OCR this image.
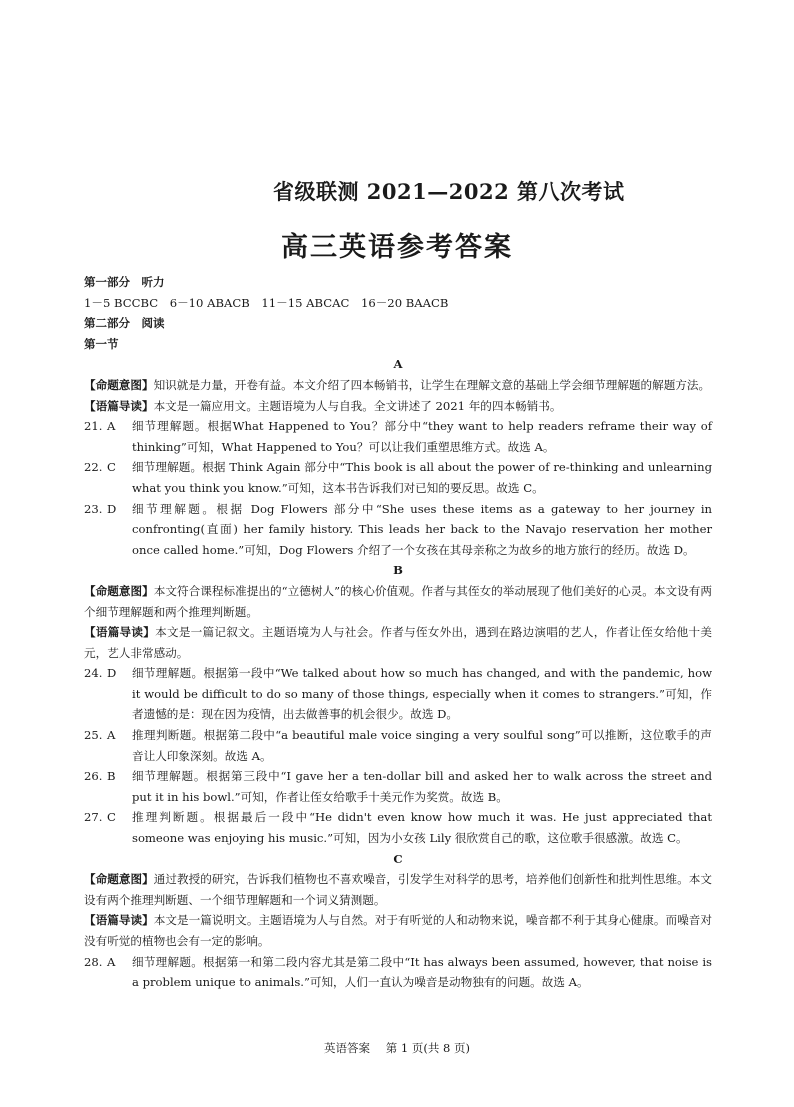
省级联测 2021—2022 第八次考试
高三英语参考答案
第一部分　听力
1－5 BCCBC　6－10 ABACB　11－15 ABCAC　16－20 BAACB
第二部分　阅读
第一节
A

【命题意图】知识就是力量，开卷有益。本文介绍了四本畅销书，让学生在理解文意的基础上学会细节理解题的解题方法。

【语篇导读】本文是一篇应用文。主题语境为人与自我。全文讲述了 2021 年的四本畅销书。

21. A	细节理解题。根据What Happened to You？部分中“they want to help readers reframe their way of thinking”可知，What Happened to You？可以让我们重塑思维方式。故选 A。
22. C	细节理解题。根据 Think Again 部分中“This book is all about the power of re-thinking and unlearning what you think you know.”可知，这本书告诉我们对已知的要反思。故选 C。
23. D	细节理解题。根据 Dog Flowers 部分中“She uses these items as a gateway to her journey in confronting(直面) her family history. This leads her back to the Navajo reservation her mother once called home.”可知，Dog Flowers 介绍了一个女孩在其母亲称之为故乡的地方旅行的经历。故选 D。
B

【命题意图】本文符合课程标准提出的“立德树人”的核心价值观。作者与其侄女的举动展现了他们美好的心灵。本文设有两个细节理解题和两个推理判断题。

【语篇导读】本文是一篇记叙文。主题语境为人与社会。作者与侄女外出，遇到在路边演唱的艺人，作者让侄女给他十美元，艺人非常感动。

24. D	细节理解题。根据第一段中“We talked about how so much has changed, and with the pandemic, how it would be difficult to do so many of those things, especially when it comes to strangers.”可知，作者遗憾的是：现在因为疫情，出去做善事的机会很少。故选 D。
25. A	推理判断题。根据第二段中“a beautiful male voice singing a very soulful song”可以推断，这位歌手的声音让人印象深刻。故选 A。
26. B	细节理解题。根据第三段中“I gave her a ten-dollar bill and asked her to walk across the street and put it in his bowl.”可知，作者让侄女给歌手十美元作为奖赏。故选 B。
27. C	推理判断题。根据最后一段中“He didn't even know how much it was. He just appreciated that someone was enjoying his music.”可知，因为小女孩 Lily 很欣赏自己的歌，这位歌手很感激。故选 C。
C

【命题意图】通过教授的研究，告诉我们植物也不喜欢噪音，引发学生对科学的思考，培养他们创新性和批判性思维。本文设有两个推理判断题、一个细节理解题和一个词义猜测题。

【语篇导读】本文是一篇说明文。主题语境为人与自然。对于有听觉的人和动物来说，噪音都不利于其身心健康。而噪音对没有听觉的植物也会有一定的影响。

28. A	细节理解题。根据第一和第二段内容尤其是第二段中“It has always been assumed, however, that noise is a problem unique to animals.”可知，人们一直认为噪音是动物独有的问题。故选 A。
英语答案 第 1 页(共 8 页)
